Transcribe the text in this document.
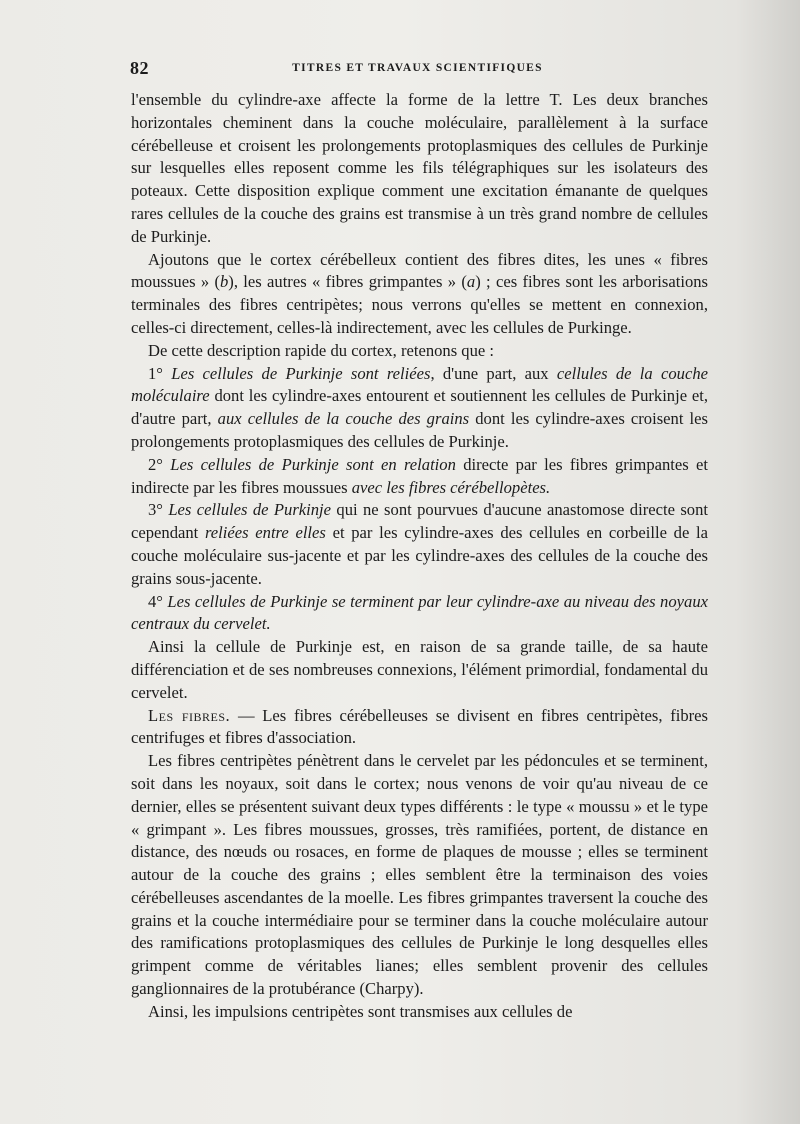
82	TITRES ET TRAVAUX SCIENTIFIQUES

l'ensemble du cylindre-axe affecte la forme de la lettre T. Les deux branches horizontales cheminent dans la couche moléculaire, parallèlement à la surface cérébelleuse et croisent les prolongements protoplasmiques des cellules de Purkinje sur lesquelles elles reposent comme les fils télégraphiques sur les isolateurs des poteaux. Cette disposition explique comment une excitation émanante de quelques rares cellules de la couche des grains est transmise à un très grand nombre de cellules de Purkinje.

Ajoutons que le cortex cérébelleux contient des fibres dites, les unes « fibres moussues » (b), les autres « fibres grimpantes » (a) ; ces fibres sont les arborisations terminales des fibres centripètes; nous verrons qu'elles se mettent en connexion, celles-ci directement, celles-là indirectement, avec les cellules de Purkinge.

De cette description rapide du cortex, retenons que :

1° Les cellules de Purkinje sont reliées, d'une part, aux cellules de la couche moléculaire dont les cylindre-axes entourent et soutiennent les cellules de Purkinje et, d'autre part, aux cellules de la couche des grains dont les cylindre-axes croisent les prolongements protoplasmiques des cellules de Purkinje.

2° Les cellules de Purkinje sont en relation directe par les fibres grimpantes et indirecte par les fibres moussues avec les fibres cérébellopètes.

3° Les cellules de Purkinje qui ne sont pourvues d'aucune anastomose directe sont cependant reliées entre elles et par les cylindre-axes des cellules en corbeille de la couche moléculaire sus-jacente et par les cylindre-axes des cellules de la couche des grains sous-jacente.

4° Les cellules de Purkinje se terminent par leur cylindre-axe au niveau des noyaux centraux du cervelet.

Ainsi la cellule de Purkinje est, en raison de sa grande taille, de sa haute différenciation et de ses nombreuses connexions, l'élément primordial, fondamental du cervelet.

Les fibres. — Les fibres cérébelleuses se divisent en fibres centripètes, fibres centrifuges et fibres d'association.

Les fibres centripètes pénètrent dans le cervelet par les pédoncules et se terminent, soit dans les noyaux, soit dans le cortex; nous venons de voir qu'au niveau de ce dernier, elles se présentent suivant deux types différents : le type « moussu » et le type « grimpant ». Les fibres moussues, grosses, très ramifiées, portent, de distance en distance, des nœuds ou rosaces, en forme de plaques de mousse ; elles se terminent autour de la couche des grains ; elles semblent être la terminaison des voies cérébelleuses ascendantes de la moelle. Les fibres grimpantes traversent la couche des grains et la couche intermédiaire pour se terminer dans la couche moléculaire autour des ramifications protoplasmiques des cellules de Purkinje le long desquelles elles grimpent comme de véritables lianes; elles semblent provenir des cellules ganglionnaires de la protubérance (Charpy).

Ainsi, les impulsions centripètes sont transmises aux cellules de
